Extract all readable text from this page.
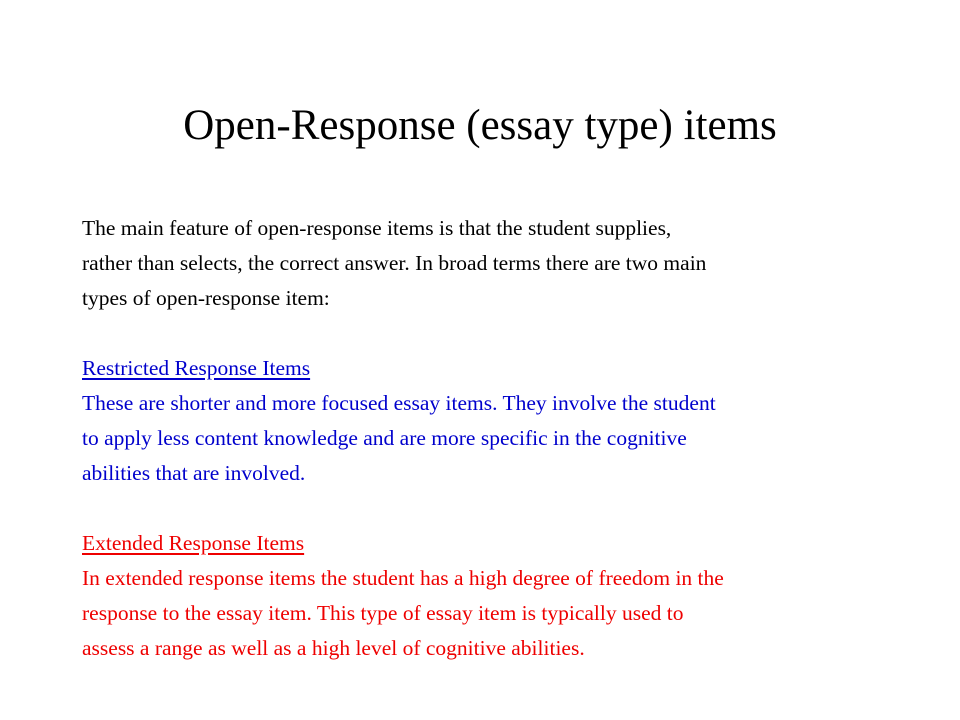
Open-Response (essay type) items
The main feature of open-response items is that the student supplies,
rather than selects, the correct answer. In broad terms there are two main
types of open-response item:
Restricted Response Items
These are shorter and more focused essay items. They involve the student
to apply less content knowledge and are more specific in the cognitive
abilities that are involved.
Extended Response Items
In extended response items the student has a high degree of freedom in the
response to the essay item. This type of essay item is typically used to
assess a range as well as a high level of cognitive abilities.
